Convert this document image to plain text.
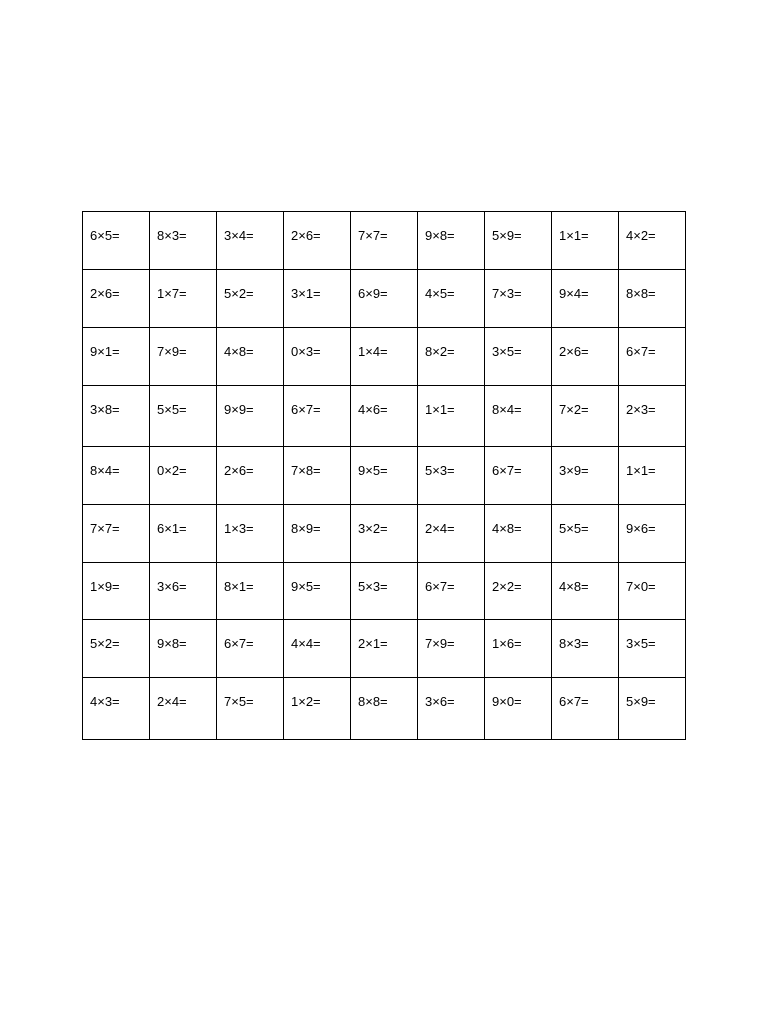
6×5=	8×3=	3×4=	2×6=	7×7=	9×8=	5×9=	1×1=	4×2=
2×6=	1×7=	5×2=	3×1=	6×9=	4×5=	7×3=	9×4=	8×8=
9×1=	7×9=	4×8=	0×3=	1×4=	8×2=	3×5=	2×6=	6×7=
3×8=	5×5=	9×9=	6×7=	4×6=	1×1=	8×4=	7×2=	2×3=
8×4=	0×2=	2×6=	7×8=	9×5=	5×3=	6×7=	3×9=	1×1=
7×7=	6×1=	1×3=	8×9=	3×2=	2×4=	4×8=	5×5=	9×6=
1×9=	3×6=	8×1=	9×5=	5×3=	6×7=	2×2=	4×8=	7×0=
5×2=	9×8=	6×7=	4×4=	2×1=	7×9=	1×6=	8×3=	3×5=
4×3=	2×4=	7×5=	1×2=	8×8=	3×6=	9×0=	6×7=	5×9=
